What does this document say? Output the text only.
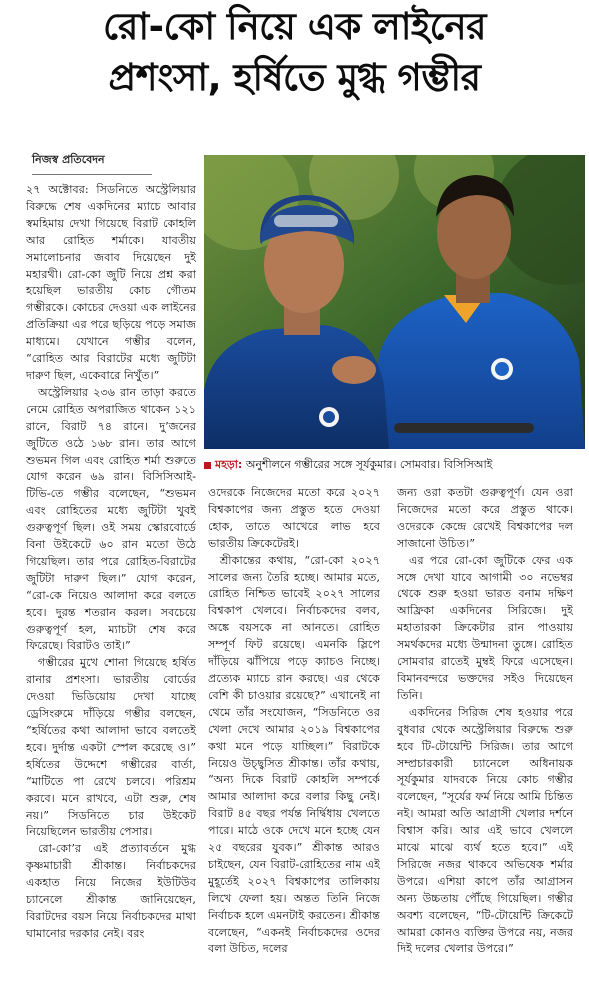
রো-কো নিয়ে এক লাইনের
প্রশংসা, হর্ষিতে মুগ্ধ গম্ভীর
নিজস্ব প্রতিবেদন

২৭ অক্টোবর: সিডনিতে অস্ট্রেলিয়ার বিরুদ্ধে শেষ একদিনের ম্যাচে আবার স্বমহিমায় দেখা গিয়েছে বিরাট কোহলি আর রোহিত শর্মাকে। যাবতীয় সমালোচনার জবাব দিয়েছেন দুই মহারথী। রো-কো জুটি নিয়ে প্রশ্ন করা হয়েছিল ভারতীয় কোচ গৌতম গম্ভীরকে। কোচের দেওয়া এক লাইনের প্রতিক্রিয়া এর পরে ছড়িয়ে পড়ে সমাজ মাধ্যমে। যেখানে গম্ভীর বলেন, “রোহিত আর বিরাটের মধ্যে জুটিটা দারুণ ছিল, একেবারে নিখুঁত।”

অস্ট্রেলিয়ার ২৩৬ রান তাড়া করতে নেমে রোহিত অপরাজিত থাকেন ১২১ রানে, বিরাট ৭৪ রানে। দু’জনের জুটিতে ওঠে ১৬৮ রান। তার আগে শুভমন গিল এবং রোহিত শর্মা শুরুতে যোগ করেন ৬৯ রান। বিসিসিআই-টিভি-তে গম্ভীর বলেছেন, “শুভমন এবং রোহিতের মধ্যে জুটিটা খুবই গুরুত্বপূর্ণ ছিল। ওই সময় স্কোরবোর্ডে বিনা উইকেটে ৬০ রান মতো উঠে গিয়েছিল। তার পরে রোহিত-বিরাটের জুটিটা দারুণ ছিল।” যোগ করেন, “রো-কে নিয়েও আলাদা করে বলতে হবে। দুরন্ত শতরান করল। সবচেয়ে গুরুত্বপূর্ণ হল, ম্যাচটা শেষ করে ফিরেছে। বিরাটও তাই।”

গম্ভীরের মুখে শোনা গিয়েছে হর্ষিত রানার প্রশংসা। ভারতীয় বোর্ডের দেওয়া ভিডিয়োয় দেখা যাচ্ছে ড্রেসিংরুমে দাঁড়িয়ে গম্ভীর বলছেন, “হর্ষিতের কথা আলাদা ভাবে বলতেই হবে। দুর্দান্ত একটা স্পেল করেছে ও।” হর্ষিতের উদ্দেশে গম্ভীরের বার্তা, “মাটিতে পা রেখে চলবে। পরিশ্রম করবে। মনে রাখবে, এটা শুরু, শেষ নয়।” সিডনিতে চার উইকেট নিয়েছিলেন ভারতীয় পেসার।

রো-কো’র এই প্রত্যাবর্তনে মুগ্ধ কৃষ্ণমাচারী শ্রীকান্ত। নির্বাচকদের একহাত নিয়ে নিজের ইউটিউব চ্যানেলে শ্রীকান্ত জানিয়েছেন, বিরাটদের বয়স নিয়ে নির্বাচকদের মাথা ঘামানোর দরকার নেই। বরং

মহড়া: অনুশীলনে গম্ভীরের সঙ্গে সূর্যকুমার। সোমবার। বিসিসিআই

ওদেরকে নিজেদের মতো করে ২০২৭ বিশ্বকাপের জন্য প্রস্তুত হতে দেওয়া হোক, তাতে আখেরে লাভ হবে ভারতীয় ক্রিকেটেরই।

শ্রীকান্তের কথায়, “রো-কো ২০২৭ সালের জন্য তৈরি হচ্ছে। আমার মতে, রোহিত নিশ্চিত ভাবেই ২০২৭ সালের বিশ্বকাপ খেলবে। নির্বাচকদের বলব, অঙ্কে বয়সকে না আনতে। রোহিত সম্পূর্ণ ফিট রয়েছে। এমনকি স্লিপে দাঁড়িয়ে ঝাঁপিয়ে পড়ে ক্যাচও নিচ্ছে। প্রত্যেক ম্যাচে রান করছে। এর থেকে বেশি কী চাওয়ার রয়েছে?” এখানেই না থেমে তাঁর সংযোজন, “সিডনিতে ওর খেলা দেখে আমার ২০১৯ বিশ্বকাপের কথা মনে পড়ে যাচ্ছিল।” বিরাটকে নিয়েও উচ্ছ্বসিত শ্রীকান্ত। তাঁর কথায়, “অন্য দিকে বিরাট কোহলি সম্পর্কে আমার আলাদা করে বলার কিছু নেই। বিরাট ৪৫ বছর পর্যন্ত নির্দ্বিধায় খেলতে পারে। মাঠে ওকে দেখে মনে হচ্ছে যেন ২৫ বছরের যুবক।” শ্রীকান্ত আরও চাইছেন, যেন বিরাট-রোহিতের নাম এই মুহূর্তেই ২০২৭ বিশ্বকাপের তালিকায় লিখে ফেলা হয়। অন্তত তিনি নিজে নির্বাচক হলে এমনটাই করতেন। শ্রীকান্ত বলেছেন, “একনই নির্বাচকদের ওদের বলা উচিত, দলের

জন্য ওরা কতটা গুরুত্বপূর্ণ। যেন ওরা নিজেদের মতো করে প্রস্তুত থাকে। ওদেরকে কেন্দ্রে রেখেই বিশ্বকাপের দল সাজানো উচিত।”

এর পরে রো-কো জুটিকে ফের এক সঙ্গে দেখা যাবে আগামী ৩০ নভেম্বর থেকে শুরু হওয়া ভারত বনাম দক্ষিণ আফ্রিকা একদিনের সিরিজে। দুই মহাতারকা ক্রিকেটার রান পাওয়ায় সমর্থকদের মধ্যে উন্মাদনা তুঙ্গে। রোহিত সোমবার রাতেই মুম্বই ফিরে এসেছেন। বিমানবন্দরে ভক্তদের সইও দিয়েছেন তিনি।

একদিনের সিরিজ শেষ হওয়ার পরে বুধবার থেকে অস্ট্রেলিয়ার বিরুদ্ধে শুরু হবে টি-টোয়েন্টি সিরিজ। তার আগে সম্প্রচারকারী চ্যানেলে অধিনায়ক সূর্যকুমার যাদবকে নিয়ে কোচ গম্ভীর বলেছেন, “সূর্যের ফর্ম নিয়ে আমি চিন্তিত নই। আমরা অতি আগ্রাসী খেলার দর্শনে বিশ্বাস করি। আর এই ভাবে খেললে মাঝে মাঝে ব্যর্থ হতে হবে।” এই সিরিজে নজর থাকবে অভিষেক শর্মার উপরে। এশিয়া কাপে তাঁর আগ্রাসন অন্য উচ্চতায় পৌঁছে গিয়েছিল। গম্ভীর অবশ্য বলেছেন, “টি-টোয়েন্টি ক্রিকেটে আমরা কোনও ব্যক্তির উপরে নয়, নজর দিই দলের খেলার উপরে।”
